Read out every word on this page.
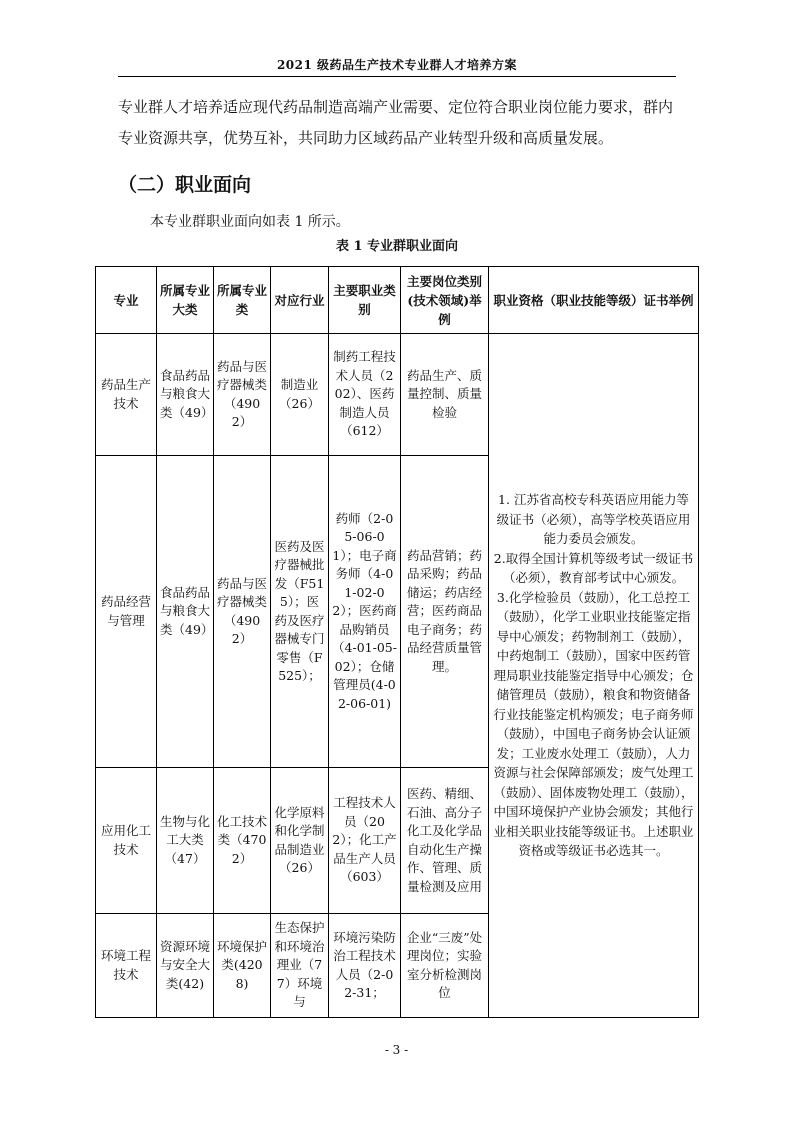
2021 级药品生产技术专业群人才培养方案
专业群人才培养适应现代药品制造高端产业需要、定位符合职业岗位能力要求，群内专业资源共享，优势互补，共同助力区域药品产业转型升级和高质量发展。
（二）职业面向
本专业群职业面向如表 1 所示。
表 1 专业群职业面向
专业	所属专业大类	所属专业类	对应行业	主要职业类别	主要岗位类别(技术领域)举例	职业资格（职业技能等级）证书举例
药品生产技术	食品药品与粮食大类（49）	药品与医疗器械类（4902）	制造业（26）	制药工程技术人员（202）、医药制造人员（612）	药品生产、质量控制、质量检验	1. 江苏省高校专科英语应用能力等级证书（必须），高等学校英语应用能力委员会颁发。

2.取得全国计算机等级考试一级证书（必须），教育部考试中心颁发。

3.化学检验员（鼓励），化工总控工（鼓励），化学工业职业技能鉴定指导中心颁发；药物制剂工（鼓励），中药炮制工（鼓励），国家中医药管理局职业技能鉴定指导中心颁发；仓储管理员（鼓励），粮食和物资储备行业技能鉴定机构颁发；电子商务师（鼓励），中国电子商务协会认证颁发；工业废水处理工（鼓励），人力资源与社会保障部颁发；废气处理工（鼓励）、固体废物处理工（鼓励），中国环境保护产业协会颁发；其他行业相关职业技能等级证书。上述职业资格或等级证书必选其一。

药品经营与管理	食品药品与粮食大类（49）	药品与医疗器械类（4902）	医药及医疗器械批发（F515）；医药及医疗器械专门零售（F525）；	药师（2-05-06-01）；电子商务师（4-01-02-02）；医药商品购销员（4-01-05-02）；仓储管理员(4-02-06-01)	药品营销；药品采购；药品储运；药店经营；医药商品电子商务；药品经营质量管理。	
应用化工技术	生物与化工大类（47）	化工技术类（4702）	化学原料和化学制品制造业（26）	工程技术人员（202）；化工产品生产人员（603）	医药、精细、石油、高分子化工及化学品自动化生产操作、管理、质量检测及应用	
环境工程技术	资源环境与安全大类(42)	环境保护类(4208)	生态保护和环境治理业（77）环境与	环境污染防治工程技术人员（2-02-31；	企业“三废”处理岗位；实验室分析检测岗位	
- 3 -
